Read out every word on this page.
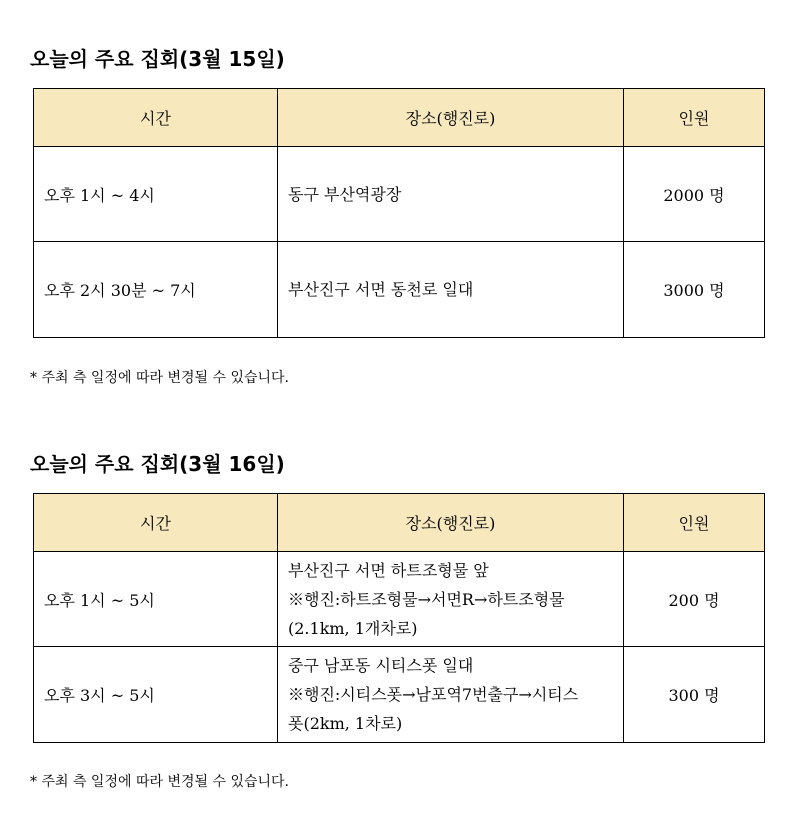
오늘의 주요 집회(3월 15일)
시간	장소(행진로)	인원
오후 1시 ~ 4시	동구 부산역광장	2000 명
오후 2시 30분 ~ 7시	부산진구 서면 동천로 일대	3000 명

* 주최 측 일정에 따라 변경될 수 있습니다.

오늘의 주요 집회(3월 16일)
시간	장소(행진로)	인원
오후 1시 ~ 5시	부산진구 서면 하트조형물 앞
※행진:하트조형물→서면R→하트조형물
(2.1km, 1개차로)	200 명
오후 3시 ~ 5시	중구 남포동 시티스폿 일대
※행진:시티스폿→남포역7번출구→시티스
폿(2km, 1차로)	300 명

* 주최 측 일정에 따라 변경될 수 있습니다.
